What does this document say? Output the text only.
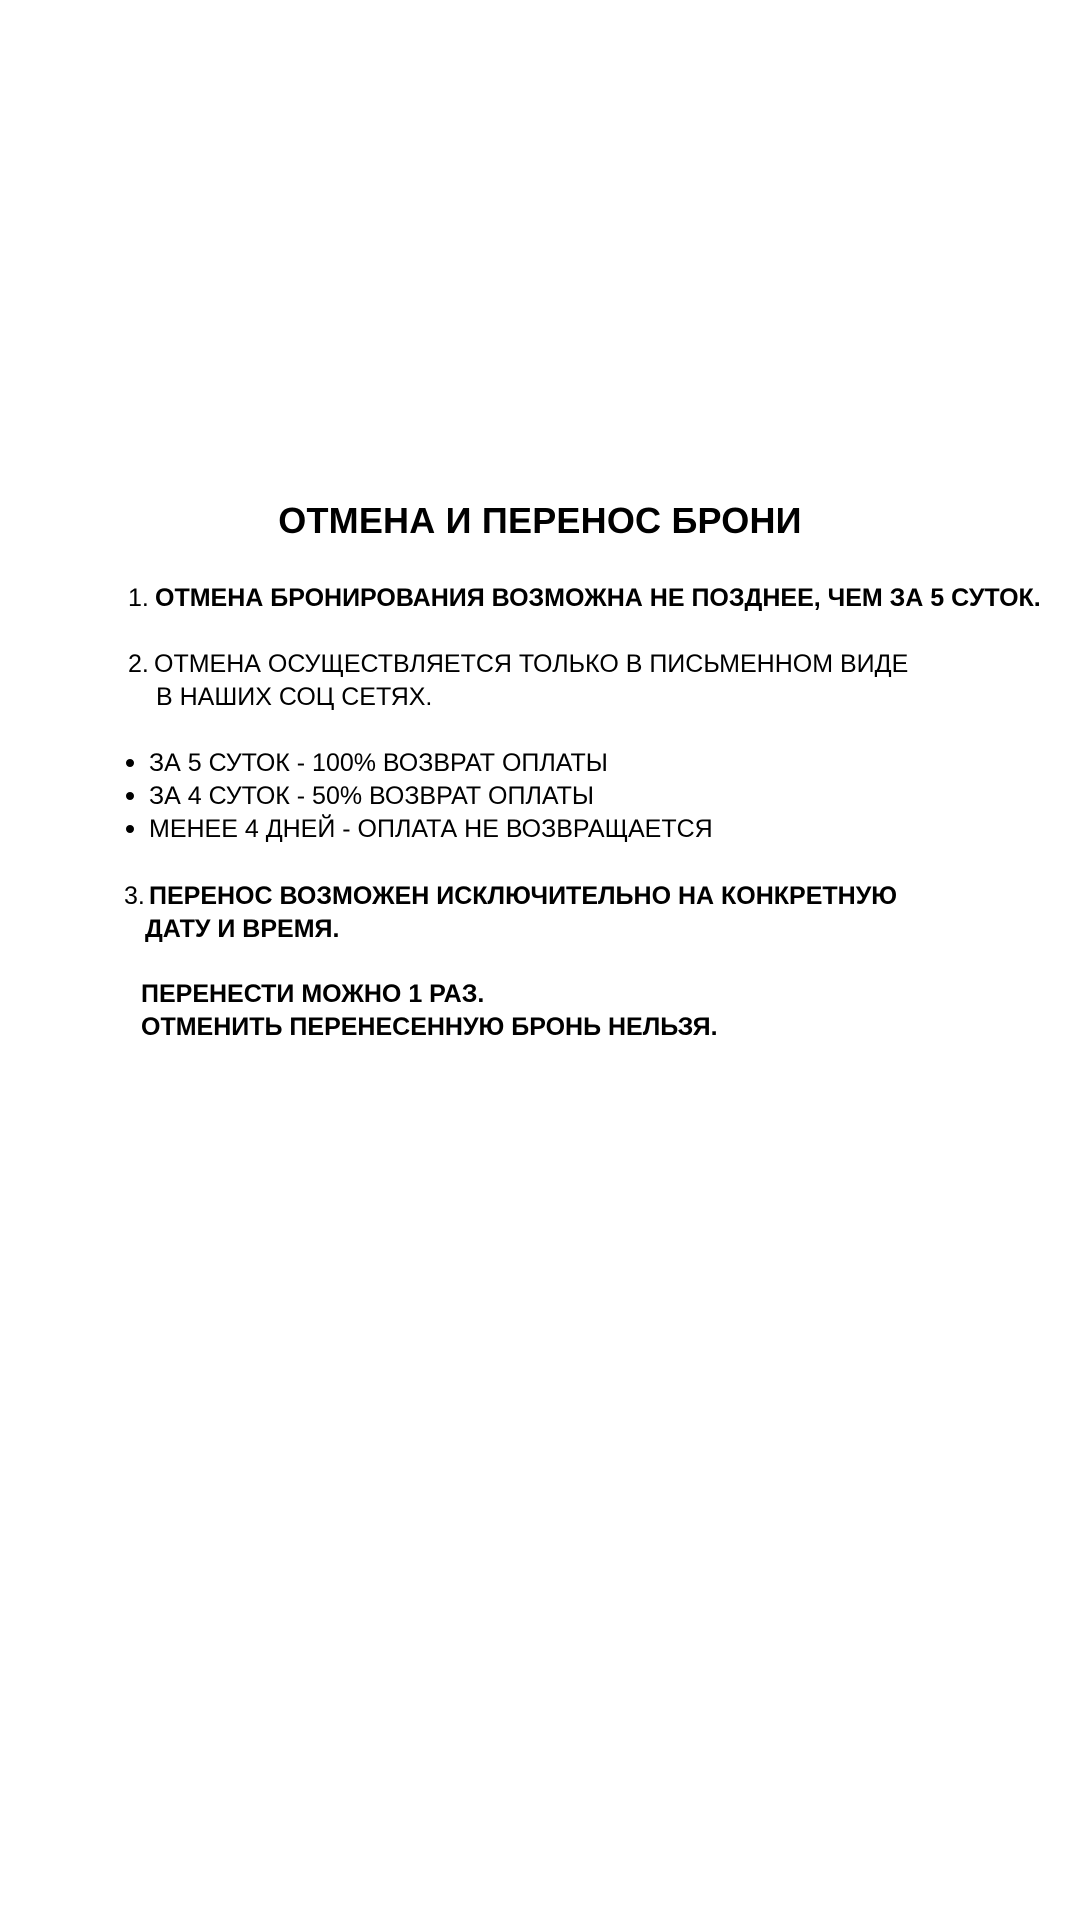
ОТМЕНА И ПЕРЕНОС БРОНИ
1. ОТМЕНА БРОНИРОВАНИЯ ВОЗМОЖНА НЕ ПОЗДНЕЕ, ЧЕМ ЗА 5 СУТОК.
2. ОТМЕНА ОСУЩЕСТВЛЯЕТСЯ ТОЛЬКО В ПИСЬМЕННОМ ВИДЕ
В НАШИХ СОЦ СЕТЯХ.
ЗА 5 СУТОК - 100% ВОЗВРАТ ОПЛАТЫ
ЗА 4 СУТОК - 50% ВОЗВРАТ ОПЛАТЫ
МЕНЕЕ 4 ДНЕЙ - ОПЛАТА НЕ ВОЗВРАЩАЕТСЯ
3. ПЕРЕНОС ВОЗМОЖЕН ИСКЛЮЧИТЕЛЬНО НА КОНКРЕТНУЮ
ДАТУ И ВРЕМЯ.
ПЕРЕНЕСТИ МОЖНО 1 РАЗ.
ОТМЕНИТЬ ПЕРЕНЕСЕННУЮ БРОНЬ НЕЛЬЗЯ.
